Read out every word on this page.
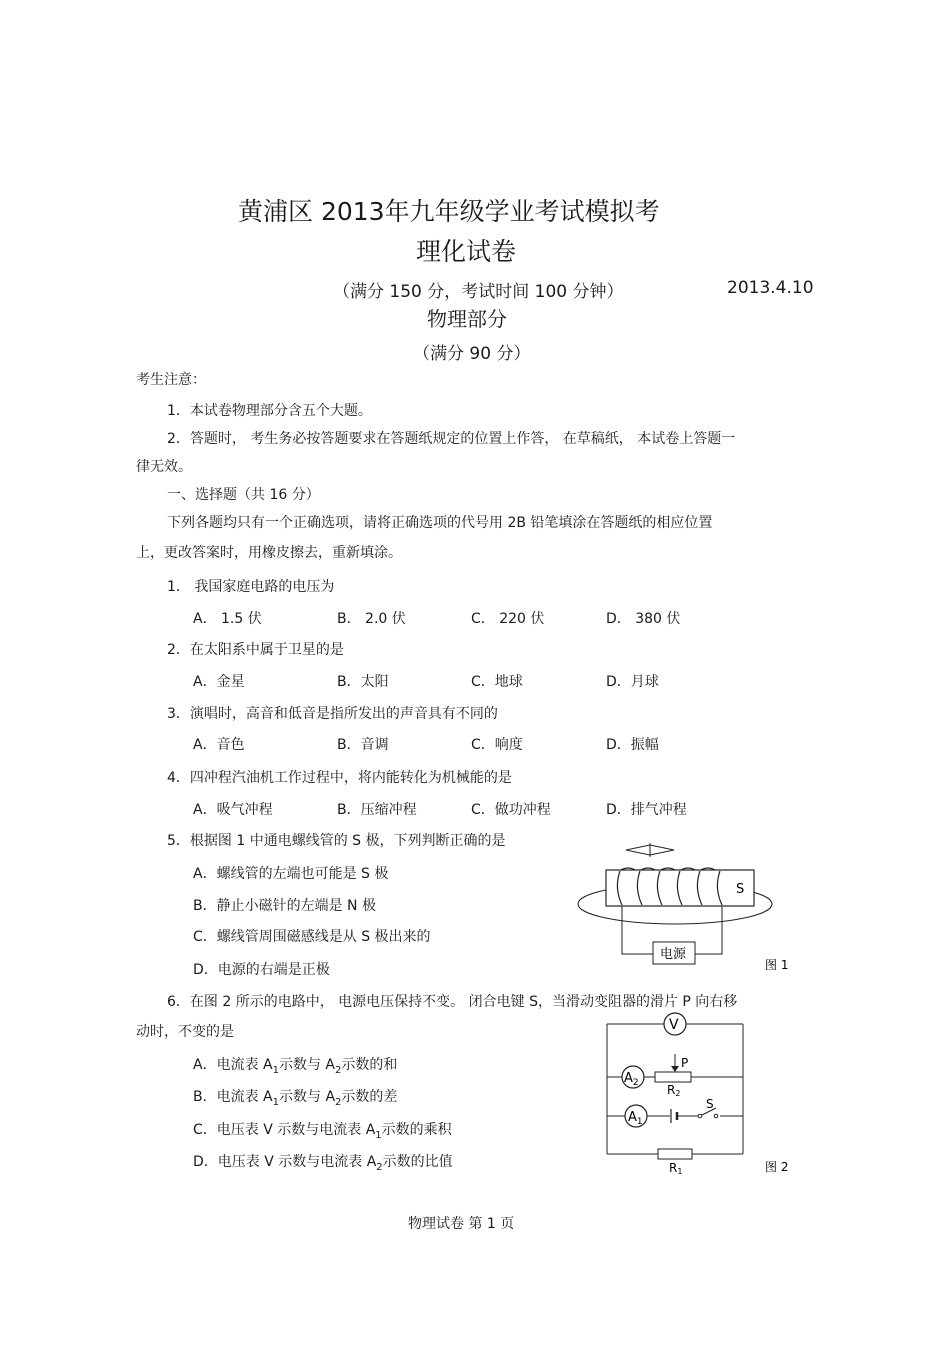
黄浦区 2013年九年级学业考试模拟考
理化试卷
（满分 150 分，考试时间 100 分钟）	2013.4.10
物理部分
（满分 90 分）
考生注意：
1．本试卷物理部分含五个大题。
2．答题时， 考生务必按答题要求在答题纸规定的位置上作答， 在草稿纸， 本试卷上答题一
律无效。
一、选择题（共 16 分）
下列各题均只有一个正确选项，请将正确选项的代号用 2B 铅笔填涂在答题纸的相应位置
上，更改答案时，用橡皮擦去，重新填涂。
1． 我国家庭电路的电压为
A． 1.5 伏	B． 2.0 伏	C． 220 伏	D． 380 伏
2．在太阳系中属于卫星的是
A．金星	B．太阳	C．地球	D．月球
3．演唱时，高音和低音是指所发出的声音具有不同的
A．音色	B．音调	C．响度	D．振幅
4．四冲程汽油机工作过程中，将内能转化为机械能的是
A．吸气冲程	B．压缩冲程	C．做功冲程	D．排气冲程
5．根据图 1 中通电螺线管的 S 极，下列判断正确的是
A．螺线管的左端也可能是 S 极
B．静止小磁针的左端是 N 极
C．螺线管周围磁感线是从 S 极出来的
D．电源的右端是正极
S
电源
图 1
6．在图 2 所示的电路中， 电源电压保持不变。 闭合电键 S，当滑动变阻器的滑片 P 向右移
动时，不变的是
A．电流表 $A_1$示数与 $A_2$示数的和
B．电流表 $A_1$示数与 $A_2$示数的差
C．电压表 V 示数与电流表 $A_1$示数的乘积
D．电压表 V 示数与电流表 $A_2$示数的比值
V
$A_2$
$A_1$
P
R2
S
R1	图 2
物理试卷 第 1 页
